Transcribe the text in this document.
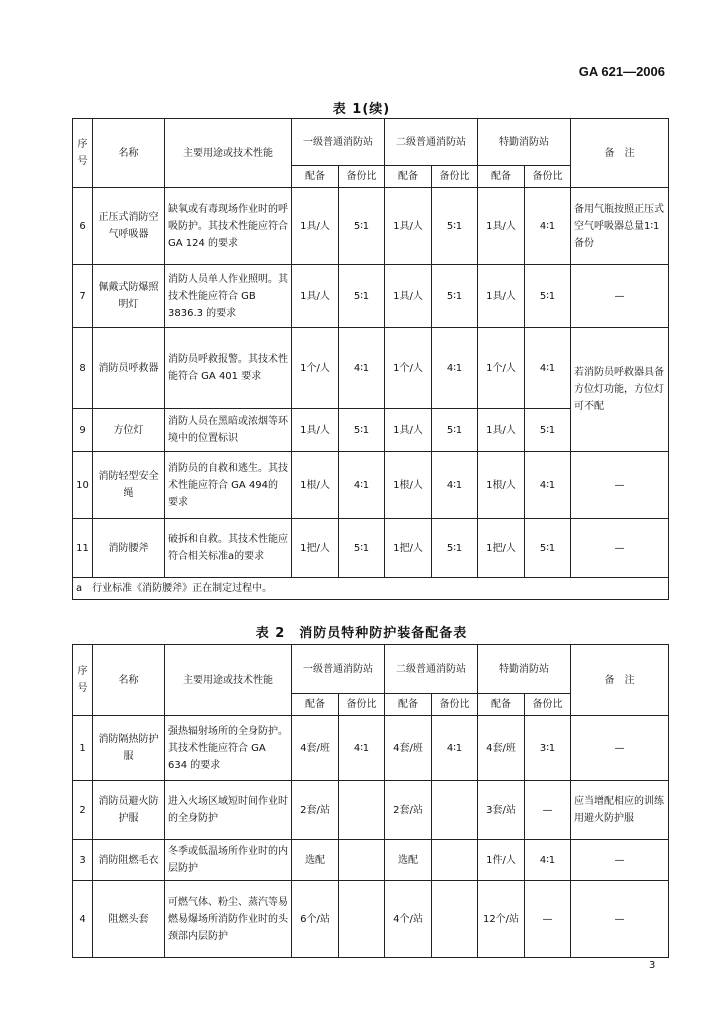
GA 621—2006
表 1(续)
序号	名称	主要用途或技术性能	一级普通消防站		二级普通消防站		特勤消防站		备　注
			配备	备份比	配备	备份比	配备	备份比	
6	正压式消防空气呼吸器	缺氧或有毒现场作业时的呼吸防护。其技术性能应符合 GA 124 的要求	1具/人	5∶1	1具/人	5∶1	1具/人	4∶1	备用气瓶按照正压式空气呼吸器总量1∶1备份
7	佩戴式防爆照明灯	消防人员单人作业照明。其技术性能应符合 GB 3836.3 的要求	1具/人	5∶1	1具/人	5∶1	1具/人	5∶1	—
8	消防员呼救器	消防员呼救报警。其技术性能符合 GA 401 要求	1个/人	4∶1	1个/人	4∶1	1个/人	4∶1	若消防员呼救器具备方位灯功能，方位灯可不配
9	方位灯	消防人员在黑暗或浓烟等环境中的位置标识	1具/人	5∶1	1具/人	5∶1	1具/人	5∶1	
10	消防轻型安全绳	消防员的自救和逃生。其技术性能应符合 GA 494的要求	1根/人	4∶1	1根/人	4∶1	1根/人	4∶1	—
11	消防腰斧	破拆和自救。其技术性能应符合相关标准a的要求	1把/人	5∶1	1把/人	5∶1	1把/人	5∶1	—
a　行业标准《消防腰斧》正在制定过程中。									
表 2　消防员特种防护装备配备表
序号	名称	主要用途或技术性能	一级普通消防站		二级普通消防站		特勤消防站		备　注
			配备	备份比	配备	备份比	配备	备份比	
1	消防隔热防护服	强热辐射场所的全身防护。其技术性能应符合 GA 634 的要求	4套/班	4∶1	4套/班	4∶1	4套/班	3∶1	—
2	消防员避火防护服	进入火场区域短时间作业时的全身防护	2套/站		2套/站		3套/站	—	应当增配相应的训练用避火防护服
3	消防阻燃毛衣	冬季或低温场所作业时的内层防护	选配		选配		1件/人	4∶1	—
4	阻燃头套	可燃气体、粉尘、蒸汽等易燃易爆场所消防作业时的头颈部内层防护	6个/站		4个/站		12个/站	—	—
3
